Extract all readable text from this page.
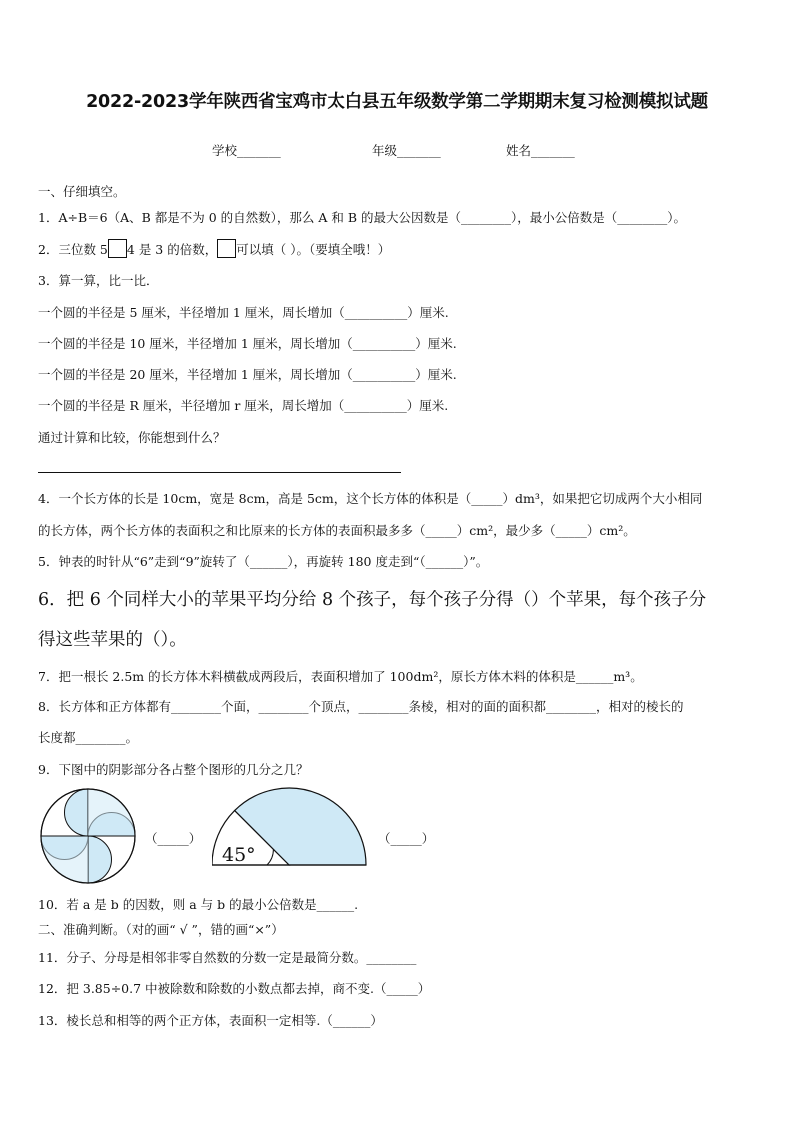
2022-2023学年陕西省宝鸡市太白县五年级数学第二学期期末复习检测模拟试题
学校_______	年级_______	姓名_______
一、仔细填空。
1．A÷B＝6（A、B 都是不为 0 的自然数），那么 A 和 B 的最大公因数是（________），最小公倍数是（________）。
2．三位数 5 4 是 3 的倍数， 可以填（ ）。（要填全哦！）
3．算一算，比一比．
一个圆的半径是 5 厘米，半径增加 1 厘米，周长增加（__________）厘米.
一个圆的半径是 10 厘米，半径增加 1 厘米，周长增加（__________）厘米.
一个圆的半径是 20 厘米，半径增加 1 厘米，周长增加（__________）厘米.
一个圆的半径是 R 厘米，半径增加 r 厘米，周长增加（__________）厘米.
通过计算和比较，你能想到什么？
4．一个长方体的长是 10cm，宽是 8cm，高是 5cm，这个长方体的体积是（_____）dm³，如果把它切成两个大小相同
的长方体，两个长方体的表面积之和比原来的长方体的表面积最多多（_____）cm²，最少多（_____）cm²。
5．钟表的时针从“6”走到“9”旋转了（______），再旋转 180 度走到“（______）”。
6．把 6 个同样大小的苹果平均分给 8 个孩子，每个孩子分得（）个苹果，每个孩子分
得这些苹果的（）。
7．把一根长 2.5m 的长方体木料横截成两段后，表面积增加了 100dm²，原长方体木料的体积是______m³。
8．长方体和正方体都有________个面，________个顶点，________条棱，相对的面的面积都________，相对的棱长的
长度都________。
9．下图中的阴影部分各占整个图形的几分之几？
（_____）
45°
（_____）
10．若 a 是 b 的因数，则 a 与 b 的最小公倍数是______.
二、准确判断。（对的画“ √ ”，错的画“×”）
11．分子、分母是相邻非零自然数的分数一定是最简分数。________
12．把 3.85÷0.7 中被除数和除数的小数点都去掉，商不变.（_____）
13．棱长总和相等的两个正方体，表面积一定相等.（______）
